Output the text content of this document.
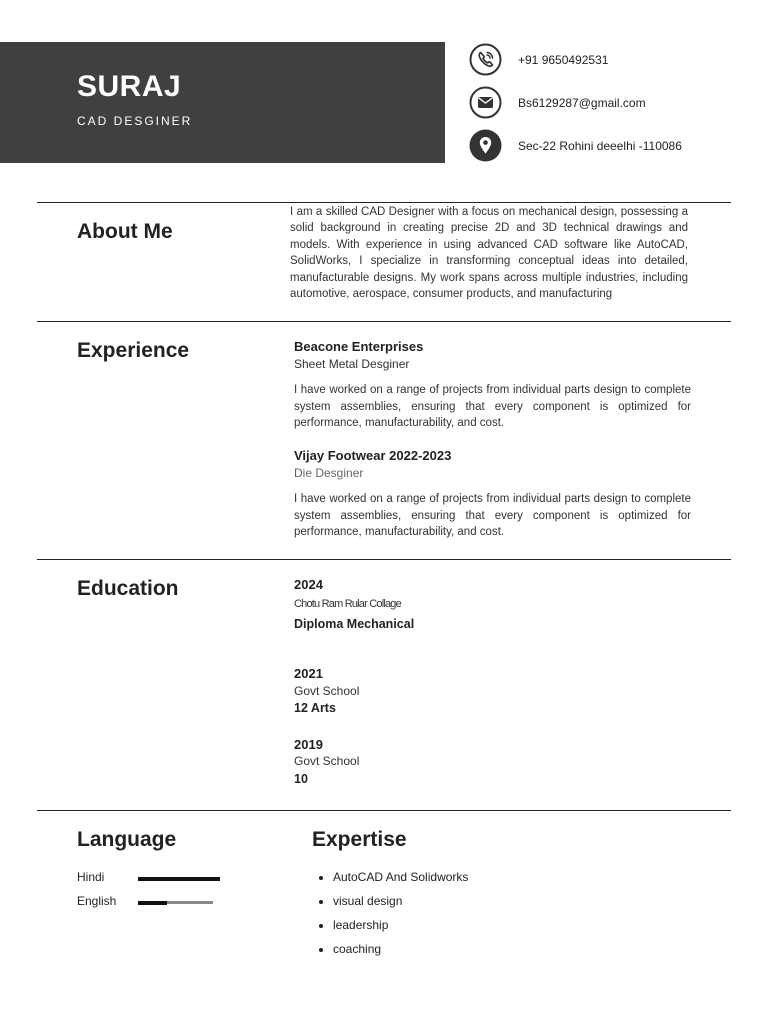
SURAJ
CAD DESGINER
+91 9650492531
Bs6129287@gmail.com
Sec-22 Rohini deeelhi -110086
About Me
I am a skilled CAD Designer with a focus on mechanical design, possessing a solid background in creating precise 2D and 3D technical drawings and models. With experience in using advanced CAD software like AutoCAD, SolidWorks, I specialize in transforming conceptual ideas into detailed, manufacturable designs. My work spans across multiple industries, including automotive, aerospace, consumer products, and manufacturing
Experience	Beacone Enterprises
Sheet Metal Desginer
I have worked on a range of projects from individual parts design to complete system assemblies, ensuring that every component is optimized for performance, manufacturability, and cost.
Vijay Footwear 2022-2023
Die Desginer
I have worked on a range of projects from individual parts design to complete system assemblies, ensuring that every component is optimized for performance, manufacturability, and cost.
Education	2024
Chotu Ram Rular Collage
Diploma Mechanical
2021
Govt School
12 Arts
2019
Govt School
10
Language
Hindi
English
Expertise
• AutoCAD And Solidworks
• visual design
• leadership
• coaching
